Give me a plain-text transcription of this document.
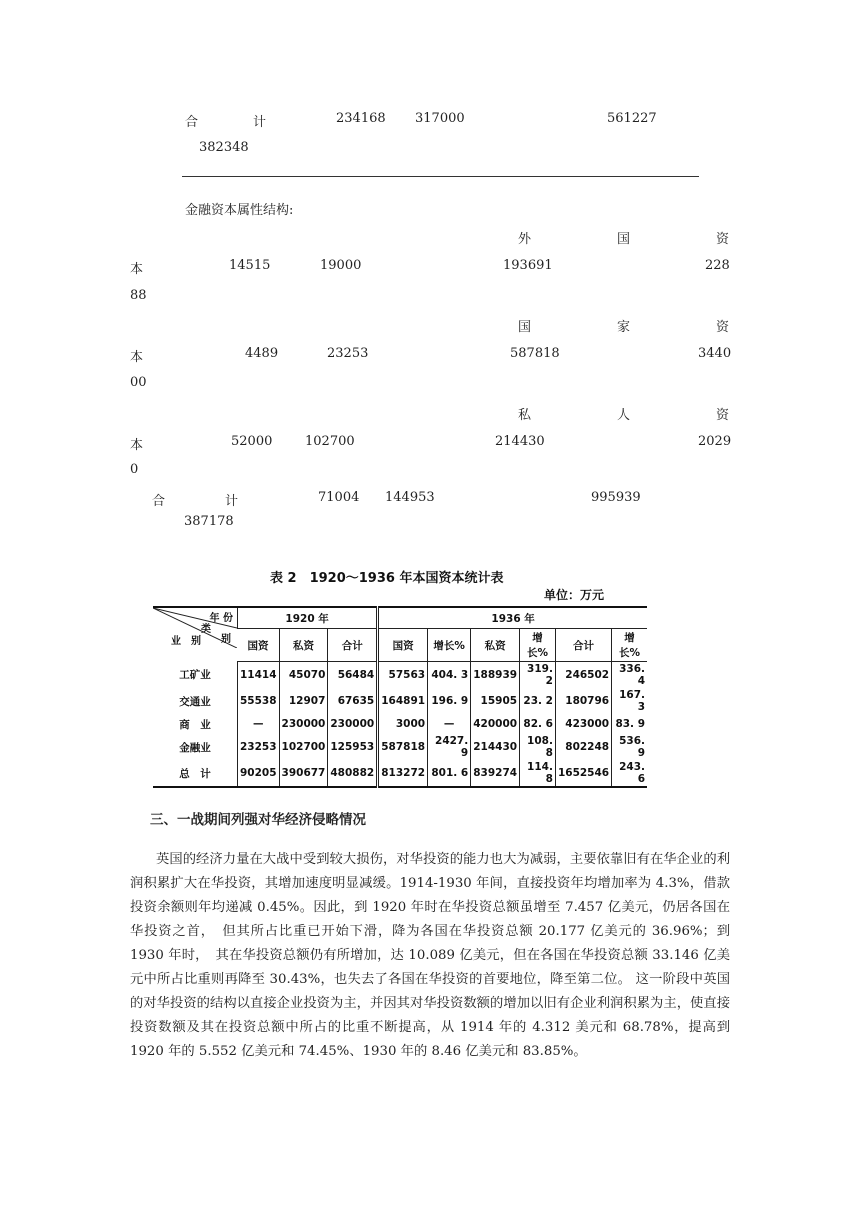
合	计	234168 317000	561227
382348
金融资本属性结构:
外	国	资
本	14515	19000	193691	228
88
国	家	资
本	4489	23253	587818	3440
00
私	人	资
本	52000	102700	214430	2029
0
合	计	71004 144953	995939
387178
表 2　1920～1936 年本国资本统计表
单位：万元
年 份
类
别
业　别	1920 年			1936 年					
	国资	私资	合计	国资	增长%	私资	增长%	合计	增长%
工矿业	11414	45070	56484	57563	404. 3	188939	319. 2	246502	336. 4
交通业	55538	12907	67635	164891	196. 9	15905	23. 2	180796	167. 3
商　业	—	230000	230000	3000	—	420000	82. 6	423000	83. 9
金融业	23253	102700	125953	587818	2427. 9	214430	108. 8	802248	536. 9
总　计	90205	390677	480882	813272	801. 6	839274	114. 8	1652546	243. 6
三、一战期间列强对华经济侵略情况
英国的经济力量在大战中受到较大损伤，对华投资的能力也大为减弱，主要依靠旧有在华企业的利润积累扩大在华投资，其增加速度明显减缓。1914-1930 年间，直接投资年均增加率为 4.3%，借款投资余额则年均递减 0.45%。因此，到 1920 年时在华投资总额虽增至 7.457 亿美元，仍居各国在华投资之首，　但其所占比重已开始下滑，降为各国在华投资总额 20.177 亿美元的 36.96%；到 1930 年时，　其在华投资总额仍有所增加，达 10.089 亿美元，但在各国在华投资总额 33.146 亿美元中所占比重则再降至 30.43%，也失去了各国在华投资的首要地位，降至第二位。 这一阶段中英国的对华投资的结构以直接企业投资为主，并因其对华投资数额的增加以旧有企业利润积累为主，使直接投资数额及其在投资总额中所占的比重不断提高，从 1914 年的 4.312 美元和 68.78%，提高到 1920 年的 5.552 亿美元和 74.45%、1930 年的 8.46 亿美元和 83.85%。
